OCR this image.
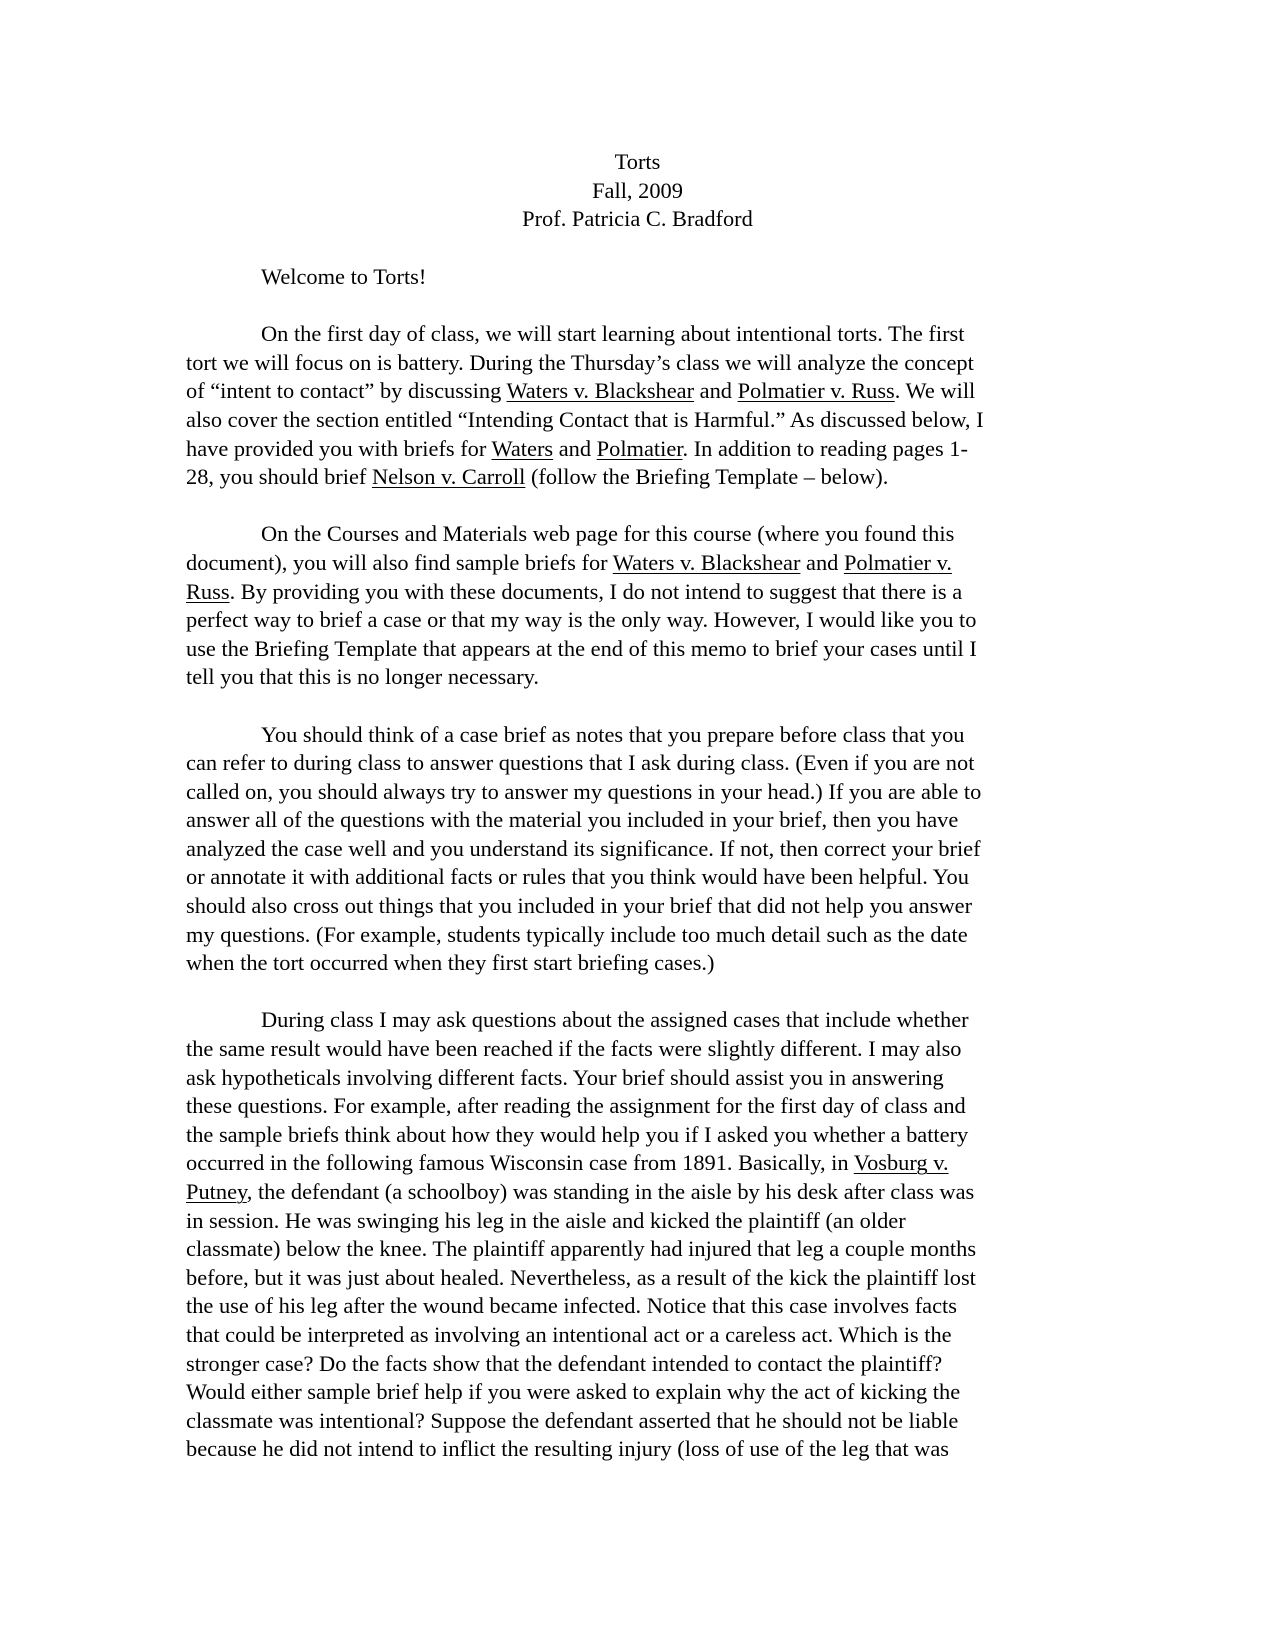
Torts
Fall, 2009
Prof. Patricia C. Bradford

Welcome to Torts!

On the first day of class, we will start learning about intentional torts. The first
tort we will focus on is battery. During the Thursday’s class we will analyze the concept
of “intent to contact” by discussing Waters v. Blackshear and Polmatier v. Russ. We will
also cover the section entitled “Intending Contact that is Harmful.” As discussed below, I
have provided you with briefs for Waters and Polmatier. In addition to reading pages 1-
28, you should brief Nelson v. Carroll (follow the Briefing Template – below).

On the Courses and Materials web page for this course (where you found this
document), you will also find sample briefs for Waters v. Blackshear and Polmatier v.
Russ. By providing you with these documents, I do not intend to suggest that there is a
perfect way to brief a case or that my way is the only way. However, I would like you to
use the Briefing Template that appears at the end of this memo to brief your cases until I
tell you that this is no longer necessary.

You should think of a case brief as notes that you prepare before class that you
can refer to during class to answer questions that I ask during class. (Even if you are not
called on, you should always try to answer my questions in your head.) If you are able to
answer all of the questions with the material you included in your brief, then you have
analyzed the case well and you understand its significance. If not, then correct your brief
or annotate it with additional facts or rules that you think would have been helpful. You
should also cross out things that you included in your brief that did not help you answer
my questions. (For example, students typically include too much detail such as the date
when the tort occurred when they first start briefing cases.)

During class I may ask questions about the assigned cases that include whether
the same result would have been reached if the facts were slightly different. I may also
ask hypotheticals involving different facts. Your brief should assist you in answering
these questions. For example, after reading the assignment for the first day of class and
the sample briefs think about how they would help you if I asked you whether a battery
occurred in the following famous Wisconsin case from 1891. Basically, in Vosburg v.
Putney, the defendant (a schoolboy) was standing in the aisle by his desk after class was
in session. He was swinging his leg in the aisle and kicked the plaintiff (an older
classmate) below the knee. The plaintiff apparently had injured that leg a couple months
before, but it was just about healed. Nevertheless, as a result of the kick the plaintiff lost
the use of his leg after the wound became infected. Notice that this case involves facts
that could be interpreted as involving an intentional act or a careless act. Which is the
stronger case? Do the facts show that the defendant intended to contact the plaintiff?
Would either sample brief help if you were asked to explain why the act of kicking the
classmate was intentional? Suppose the defendant asserted that he should not be liable
because he did not intend to inflict the resulting injury (loss of use of the leg that was
